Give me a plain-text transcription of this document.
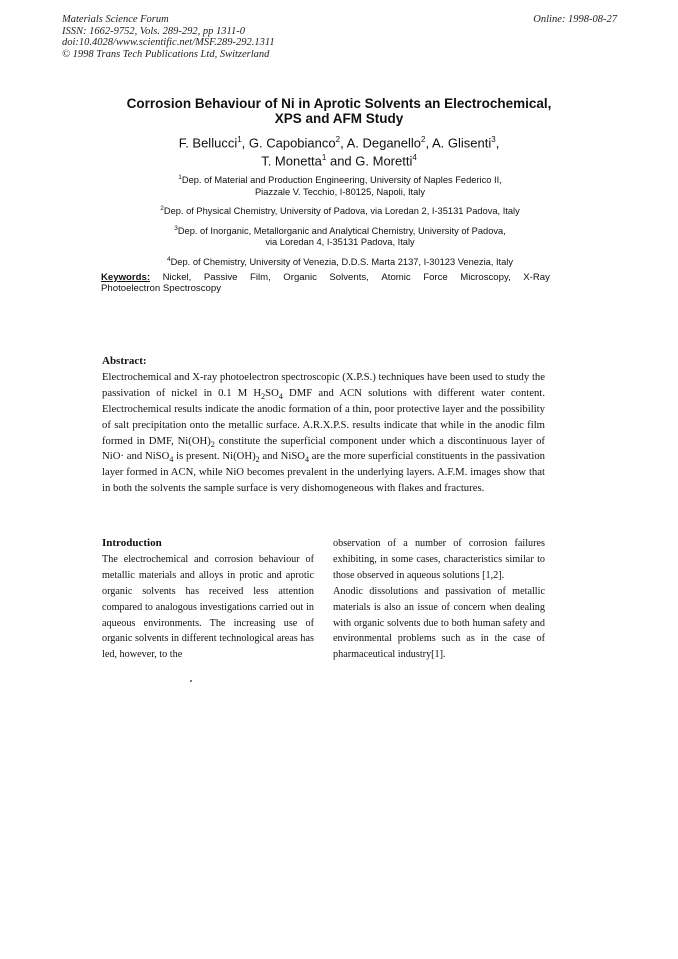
Materials Science Forum
ISSN: 1662-9752, Vols. 289-292, pp 1311-0
doi:10.4028/www.scientific.net/MSF.289-292.1311
© 1998 Trans Tech Publications Ltd, Switzerland
Online: 1998-08-27
Corrosion Behaviour of Ni in Aprotic Solvents an Electrochemical,
XPS and AFM Study
F. Bellucci$^1$, G. Capobianco$^2$, A. Deganello$^2$, A. Glisenti$^3$,
T. Monetta$^1$ and G. Moretti$^4$
$^1$Dep. of Material and Production Engineering, University of Naples Federico II,
Piazzale V. Tecchio, I-80125, Napoli, Italy
$^2$Dep. of Physical Chemistry, University of Padova, via Loredan 2, I-35131 Padova, Italy
$^3$Dep. of Inorganic, Metallorganic and Analytical Chemistry, University of Padova,
via Loredan 4, I-35131 Padova, Italy
$^4$Dep. of Chemistry, University of Venezia, D.D.S. Marta 2137, I-30123 Venezia, Italy
Keywords: Nickel, Passive Film, Organic Solvents, Atomic Force Microscopy, X-Ray
Photoelectron Spectroscopy
Abstract:

Electrochemical and X-ray photoelectron spectroscopic (X.P.S.) techniques have been used to study the passivation of nickel in 0.1 M $H_2SO_4$ DMF and ACN solutions with different water content. Electrochemical results indicate the anodic formation of a thin, poor protective layer and the possibility of salt precipitation onto the metallic surface. A.R.X.P.S. results indicate that while in the anodic film formed in DMF, $Ni(OH)_2$ constitute the superficial component under which a discontinuous layer of NiO· and NiSO$_4$ is present. $Ni(OH)_2$ and NiSO$_4$ are the more superficial constituents in the passivation layer formed in ACN, while NiO becomes prevalent in the underlying layers. A.F.M. images show that in both the solvents the sample surface is very dishomogeneous with flakes and fractures.

Introduction

The electrochemical and corrosion behaviour of metallic materials and alloys in protic and aprotic organic solvents has received less attention compared to analogous investigations carried out in aqueous environments. The increasing use of organic solvents in different technological areas has led, however, to the

observation of a number of corrosion failures exhibiting, in some cases, characteristics similar to those observed in aqueous solutions [1,2].

Anodic dissolutions and passivation of metallic materials is also an issue of concern when dealing with organic solvents due to both human safety and environmental problems such as in the case of pharmaceutical industry[1].
